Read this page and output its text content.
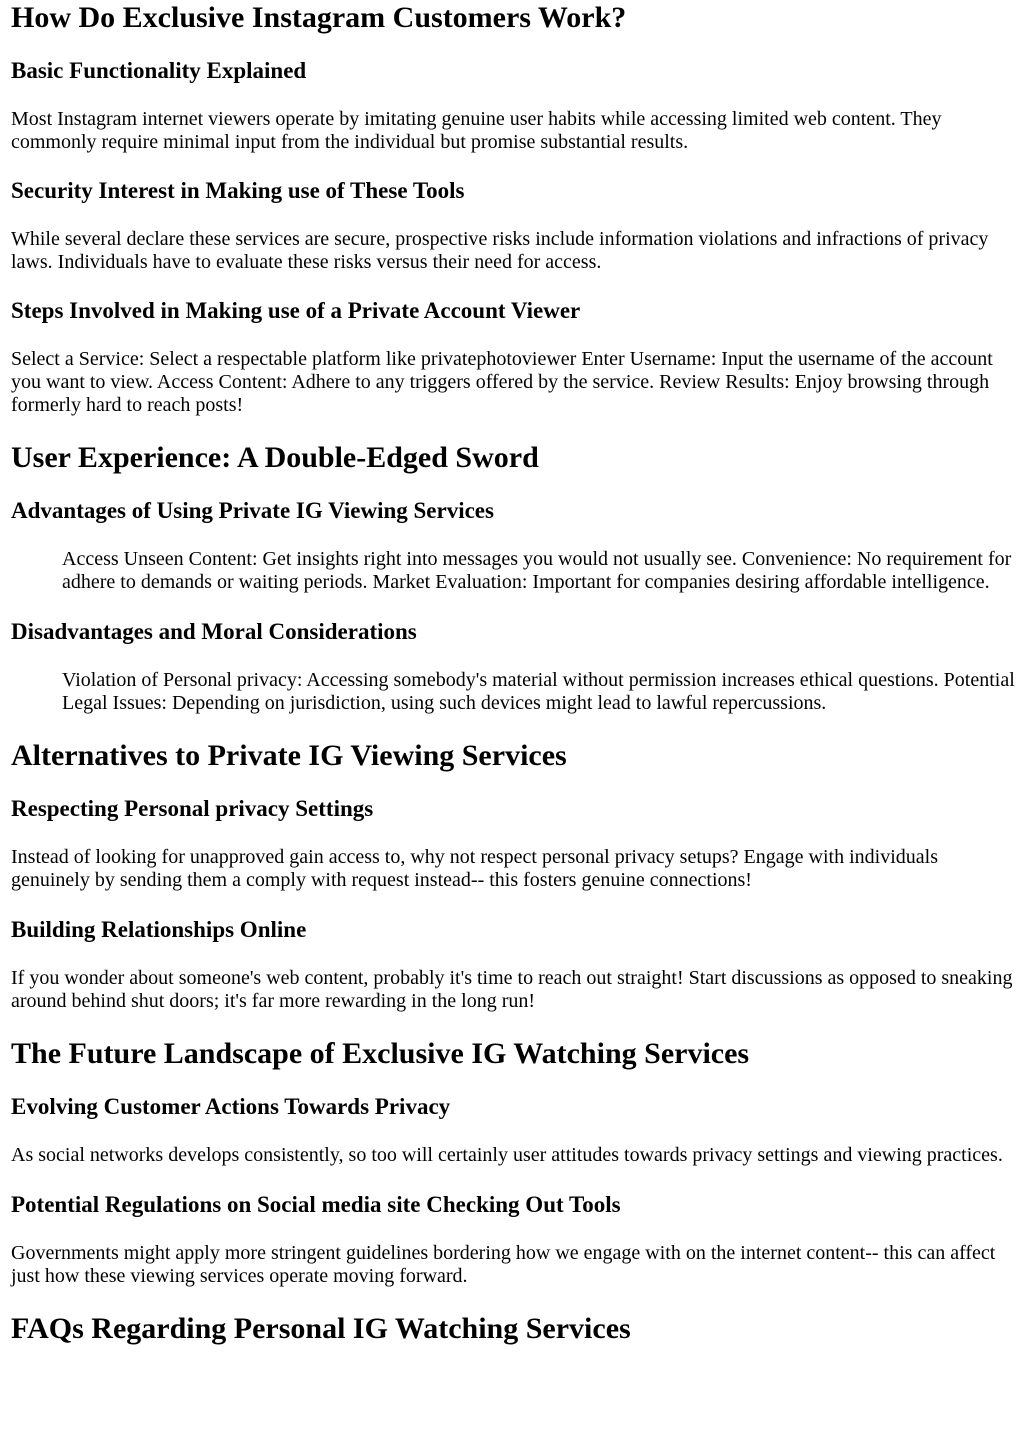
How Do Exclusive Instagram Customers Work?
Basic Functionality Explained

Most Instagram internet viewers operate by imitating genuine user habits while accessing limited web content. They commonly require minimal input from the individual but promise substantial results.

Security Interest in Making use of These Tools

While several declare these services are secure, prospective risks include information violations and infractions of privacy laws. Individuals have to evaluate these risks versus their need for access.

Steps Involved in Making use of a Private Account Viewer

Select a Service: Select a respectable platform like privatephotoviewer Enter Username: Input the username of the account you want to view. Access Content: Adhere to any triggers offered by the service. Review Results: Enjoy browsing through formerly hard to reach posts!

User Experience: A Double-Edged Sword
Advantages of Using Private IG Viewing Services
Access Unseen Content: Get insights right into messages you would not usually see. Convenience: No requirement for adhere to demands or waiting periods. Market Evaluation: Important for companies desiring affordable intelligence.
Disadvantages and Moral Considerations
Violation of Personal privacy: Accessing somebody's material without permission increases ethical questions. Potential Legal Issues: Depending on jurisdiction, using such devices might lead to lawful repercussions.
Alternatives to Private IG Viewing Services
Respecting Personal privacy Settings

Instead of looking for unapproved gain access to, why not respect personal privacy setups? Engage with individuals genuinely by sending them a comply with request instead-- this fosters genuine connections!

Building Relationships Online

If you wonder about someone's web content, probably it's time to reach out straight! Start discussions as opposed to sneaking around behind shut doors; it's far more rewarding in the long run!

The Future Landscape of Exclusive IG Watching Services
Evolving Customer Actions Towards Privacy

As social networks develops consistently, so too will certainly user attitudes towards privacy settings and viewing practices.

Potential Regulations on Social media site Checking Out Tools

Governments might apply more stringent guidelines bordering how we engage with on the internet content-- this can affect just how these viewing services operate moving forward.

FAQs Regarding Personal IG Watching Services
